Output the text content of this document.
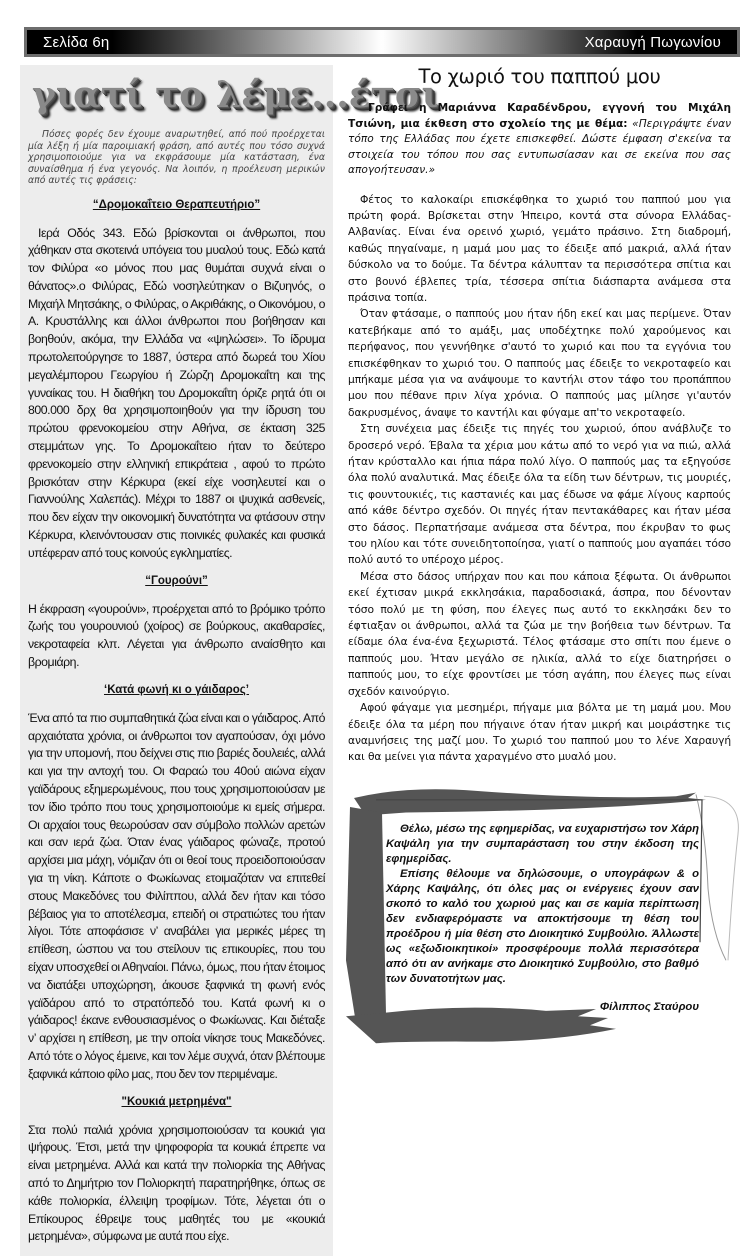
Σελίδα 6η	Χαραυγή Πωγωνίου
γιατί το λέμε...έτσι

Πόσες φορές δεν έχουμε αναρωτηθεί, από πού προέρχεται μία λέξη ή μία παροιμιακή φράση, από αυτές που τόσο συχνά χρησιμοποιούμε για να εκφράσουμε μία κατάσταση, ένα συναίσθημα ή ένα γεγονός. Να λοιπόν, η προέλευση μερικών από αυτές τις φράσεις:

“Δρομοκαΐτειο Θεραπευτήριο”

Ιερά Οδός 343. Εδώ βρίσκονται οι άνθρωποι, που χάθηκαν στα σκοτεινά υπόγεια του μυαλού τους. Εδώ κατά τον Φιλύρα «ο μόνος που μας θυμάται συχνά είναι ο θάνατος».ο Φιλύρας, Εδώ νοσηλεύτηκαν ο Βιζυηνός, ο Μιχαήλ Μητσάκης, ο Φιλύρας, ο Ακριθάκης, ο Οικονόμου, ο Α. Κρυστάλλης και άλλοι άνθρωποι που βοήθησαν και βοηθούν, ακόμα, την Ελλάδα να «ψηλώσει». Το ίδρυμα πρωτολειτούργησε το 1887, ύστερα από δωρεά του Χίου μεγαλέμπορου Γεωργίου ή Ζώρζη Δρομοκαΐτη και της γυναίκας του. Η διαθήκη του Δρομοκαΐτη όριζε ρητά ότι οι 800.000 δρχ θα χρησιμοποιηθούν για την ίδρυση του πρώτου φρενοκομείου στην Αθήνα, σε έκταση 325 στεμμάτων γης. Το Δρομοκαΐτειο ήταν το δεύτερο φρενοκομείο στην ελληνική επικράτεια , αφού το πρώτο βρισκόταν στην Κέρκυρα (εκεί είχε νοσηλευτεί και ο Γιαννούλης Χαλεπάς). Μέχρι το 1887 οι ψυχικά ασθενείς, που δεν είχαν την οικονομική δυνατότητα να φτάσουν στην Κέρκυρα, κλεινόντουσαν στις ποινικές φυλακές και φυσικά υπέφεραν από τους κοινούς εγκληματίες.

“Γουρούνι”

Η έκφραση «γουρούνι», προέρχεται από το βρόμικο τρόπο ζωής του γουρουνιού (χοίρος) σε βούρκους, ακαθαρσίες, νεκροταφεία κλπ. Λέγεται για άνθρωπο αναίσθητο και βρομιάρη.

‘Κατά φωνή κι ο γάιδαρος’

Ένα από τα πιο συμπαθητικά ζώα είναι και ο γάιδαρος. Από αρχαιότατα χρόνια, οι άνθρωποι τον αγαπούσαν, όχι μόνο για την υπομονή, που δείχνει στις πιο βαριές δουλειές, αλλά και για την αντοχή του. Οι Φαραώ του 40ού αιώνα είχαν γαϊδάρους εξημερωμένους, που τους χρησιμοποιούσαν με τον ίδιο τρόπο που τους χρησιμοποιούμε κι εμείς σήμερα. Οι αρχαίοι τους θεωρούσαν σαν σύμβολο πολλών αρετών και σαν ιερά ζώα. Όταν ένας γάιδαρος φώναζε, προτού αρχίσει μια μάχη, νόμιζαν ότι οι θεοί τους προειδοποιούσαν για τη νίκη. Κάποτε ο Φωκίωνας ετοιμαζόταν να επιτεθεί στους Μακεδόνες του Φιλίππου, αλλά δεν ήταν και τόσο βέβαιος για το αποτέλεσμα, επειδή οι στρατιώτες του ήταν λίγοι. Τότε αποφάσισε ν’ αναβάλει για μερικές μέρες τη επίθεση, ώσπου να του στείλουν τις επικουρίες, που του είχαν υποσχεθεί οι Αθηναίοι. Πάνω, όμως, που ήταν έτοιμος να διατάξει υποχώρηση, άκουσε ξαφνικά τη φωνή ενός γαϊδάρου από το στρατόπεδό του. Κατά φωνή κι ο γάιδαρος! έκανε ενθουσιασμένος ο Φωκίωνας. Και διέταξε ν’ αρχίσει η επίθεση, με την οποία νίκησε τους Μακεδόνες. Από τότε ο λόγος έμεινε, και τον λέμε συχνά, όταν βλέπουμε ξαφνικά κάποιο φίλο μας, που δεν τον περιμέναμε.

"Κουκιά μετρημένα"

Στα πολύ παλιά χρόνια χρησιμοποιούσαν τα κουκιά για ψήφους. Έτσι, μετά την ψηφοφορία τα κουκιά έπρεπε να είναι μετρημένα. Αλλά και κατά την πολιορκία της Αθήνας από το Δημήτριο τον Πολιορκητή παρατηρήθηκε, όπως σε κάθε πολιορκία, έλλειψη τροφίμων. Τότε, λέγεται ότι ο Επίκουρος έθρεψε τους μαθητές του με «κουκιά μετρημένα», σύμφωνα με αυτά που είχε.

Το χωριό του παππού μου

Γράφει η Μαριάννα Καραδένδρου, εγγονή του Μιχάλη Τσιώνη, μια έκθεση στο σχολείο της με θέμα: «Περιγράψτε έναν τόπο της Ελλάδας που έχετε επισκεφθεί. Δώστε έμφαση σ'εκείνα τα στοιχεία του τόπου που σας εντυπωσίασαν και σε εκείνα που σας απογοήτευσαν.»

Φέτος το καλοκαίρι επισκέφθηκα το χωριό του παππού μου για πρώτη φορά. Βρίσκεται στην Ήπειρο, κοντά στα σύνορα Ελλάδας-Αλβανίας. Είναι ένα ορεινό χωριό, γεμάτο πράσινο. Στη διαδρομή, καθώς πηγαίναμε, η μαμά μου μας το έδειξε από μακριά, αλλά ήταν δύσκολο να το δούμε. Τα δέντρα κάλυπταν τα περισσότερα σπίτια και στο βουνό έβλεπες τρία, τέσσερα σπίτια διάσπαρτα ανάμεσα στα πράσινα τοπία.

Όταν φτάσαμε, ο παππούς μου ήταν ήδη εκεί και μας περίμενε. Όταν κατεβήκαμε από το αμάξι, μας υποδέχτηκε πολύ χαρούμενος και περήφανος, που γεννήθηκε σ'αυτό το χωριό και που τα εγγόνια του επισκέφθηκαν το χωριό του. Ο παππούς μας έδειξε το νεκροταφείο και μπήκαμε μέσα για να ανάψουμε το καντήλι στον τάφο του προπάππου μου που πέθανε πριν λίγα χρόνια. Ο παππούς μας μίλησε γι'αυτόν δακρυσμένος, άναψε το καντήλι και φύγαμε απ'το νεκροταφείο.

Στη συνέχεια μας έδειξε τις πηγές του χωριού, όπου ανάβλυζε το δροσερό νερό. Έβαλα τα χέρια μου κάτω από το νερό για να πιώ, αλλά ήταν κρύσταλλο και ήπια πάρα πολύ λίγο. Ο παππούς μας τα εξηγούσε όλα πολύ αναλυτικά. Μας έδειξε όλα τα είδη των δέντρων, τις μουριές, τις φουντουκιές, τις καστανιές και μας έδωσε να φάμε λίγους καρπούς από κάθε δέντρο σχεδόν. Οι πηγές ήταν πεντακάθαρες και ήταν μέσα στο δάσος. Περπατήσαμε ανάμεσα στα δέντρα, που έκρυβαν το φως του ηλίου και τότε συνειδητοποίησα, γιατί ο παππούς μου αγαπάει τόσο πολύ αυτό το υπέροχο μέρος.

Μέσα στο δάσος υπήρχαν που και που κάποια ξέφωτα. Οι άνθρωποι εκεί έχτισαν μικρά εκκλησάκια, παραδοσιακά, άσπρα, που δένονταν τόσο πολύ με τη φύση, που έλεγες πως αυτό το εκκλησάκι δεν το έφτιαξαν οι άνθρωποι, αλλά τα ζώα με την βοήθεια των δέντρων. Τα είδαμε όλα ένα-ένα ξεχωριστά. Τέλος φτάσαμε στο σπίτι που έμενε ο παππούς μου. Ήταν μεγάλο σε ηλικία, αλλά το είχε διατηρήσει ο παππούς μου, το είχε φροντίσει με τόση αγάπη, που έλεγες πως είναι σχεδόν καινούργιο.

Αφού φάγαμε για μεσημέρι, πήγαμε μια βόλτα με τη μαμά μου. Μου έδειξε όλα τα μέρη που πήγαινε όταν ήταν μικρή και μοιράστηκε τις αναμνήσεις της μαζί μου. Το χωριό του παππού μου το λένε Χαραυγή και θα μείνει για πάντα χαραγμένο στο μυαλό μου.

Θέλω, μέσω της εφημερίδας, να ευχαριστήσω τον Χάρη Καψάλη για την συμπαράσταση του στην έκδοση της εφημερίδας.

Επίσης θέλουμε να δηλώσουμε, ο υπογράφων & ο Χάρης Καψάλης, ότι όλες μας οι ενέργειες έχουν σαν σκοπό το καλό του χωριού μας και σε καμία περίπτωση δεν ενδιαφερόμαστε να αποκτήσουμε τη θέση του προέδρου ή μία θέση στο Διοικητικό Συμβούλιο. Άλλωστε ως «εξωδιοικητικοί» προσφέρουμε πολλά περισσότερα από ότι αν ανήκαμε στο Διοικητικό Συμβούλιο, στο βαθμό των δυνατοτήτων μας.

Φίλιππος Σταύρου
